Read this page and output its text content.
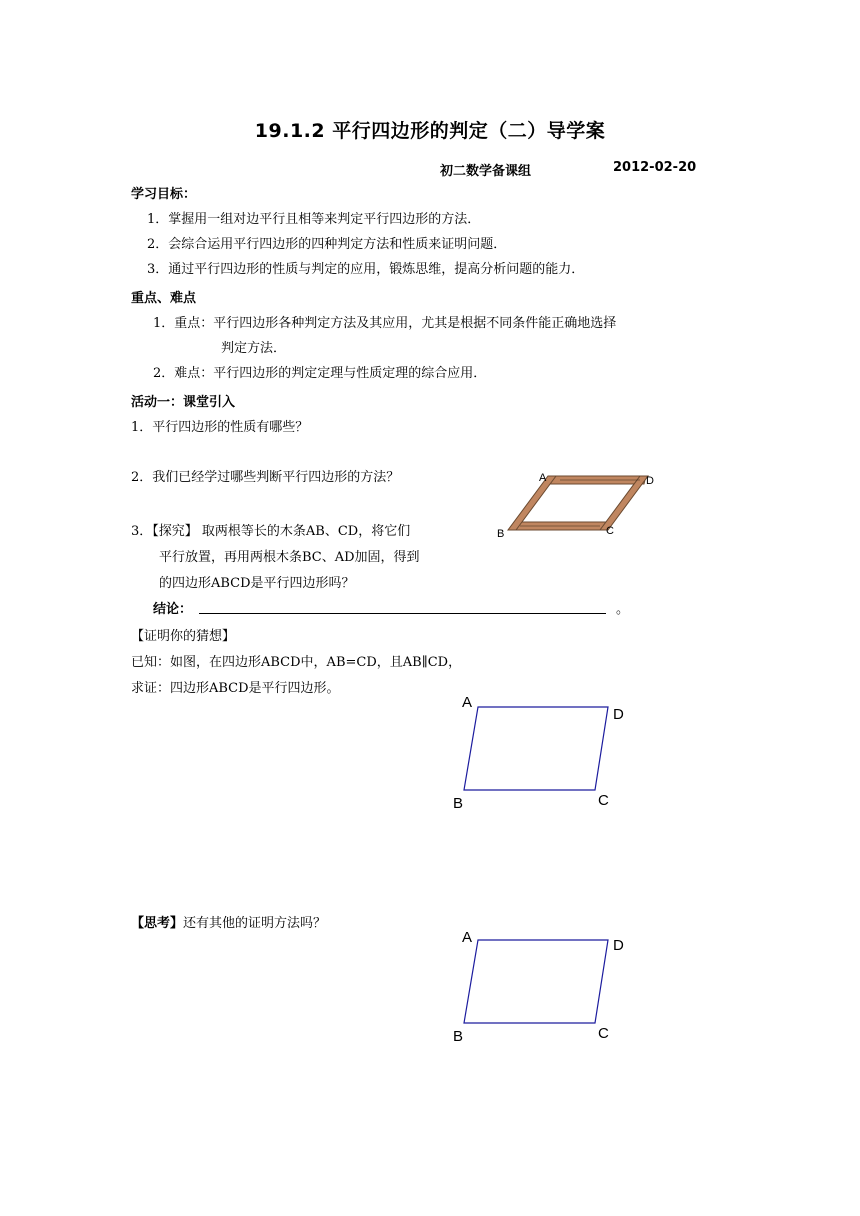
19.1.2 平行四边形的判定（二）导学案
初二数学备课组	2012-02-20
学习目标：
1．掌握用一组对边平行且相等来判定平行四边形的方法．
2．会综合运用平行四边形的四种判定方法和性质来证明问题．
3．通过平行四边形的性质与判定的应用，锻炼思维，提高分析问题的能力．
重点、难点
1．重点：平行四边形各种判定方法及其应用，尤其是根据不同条件能正确地选择
判定方法．
2．难点：平行四边形的判定定理与性质定理的综合应用．
活动一：课堂引入
1．平行四边形的性质有哪些？
2．我们已经学过哪些判断平行四边形的方法？
3．【探究】 取两根等长的木条AB、CD，将它们
平行放置，再用两根木条BC、AD加固，得到
的四边形ABCD是平行四边形吗？
结论：	。
【证明你的猜想】
已知：如图，在四边形ABCD中，AB=CD，且AB∥CD，
求证：四边形ABCD是平行四边形。
【思考】还有其他的证明方法吗？
A	D
B	C
A
D
B	C
A	D
B	C
